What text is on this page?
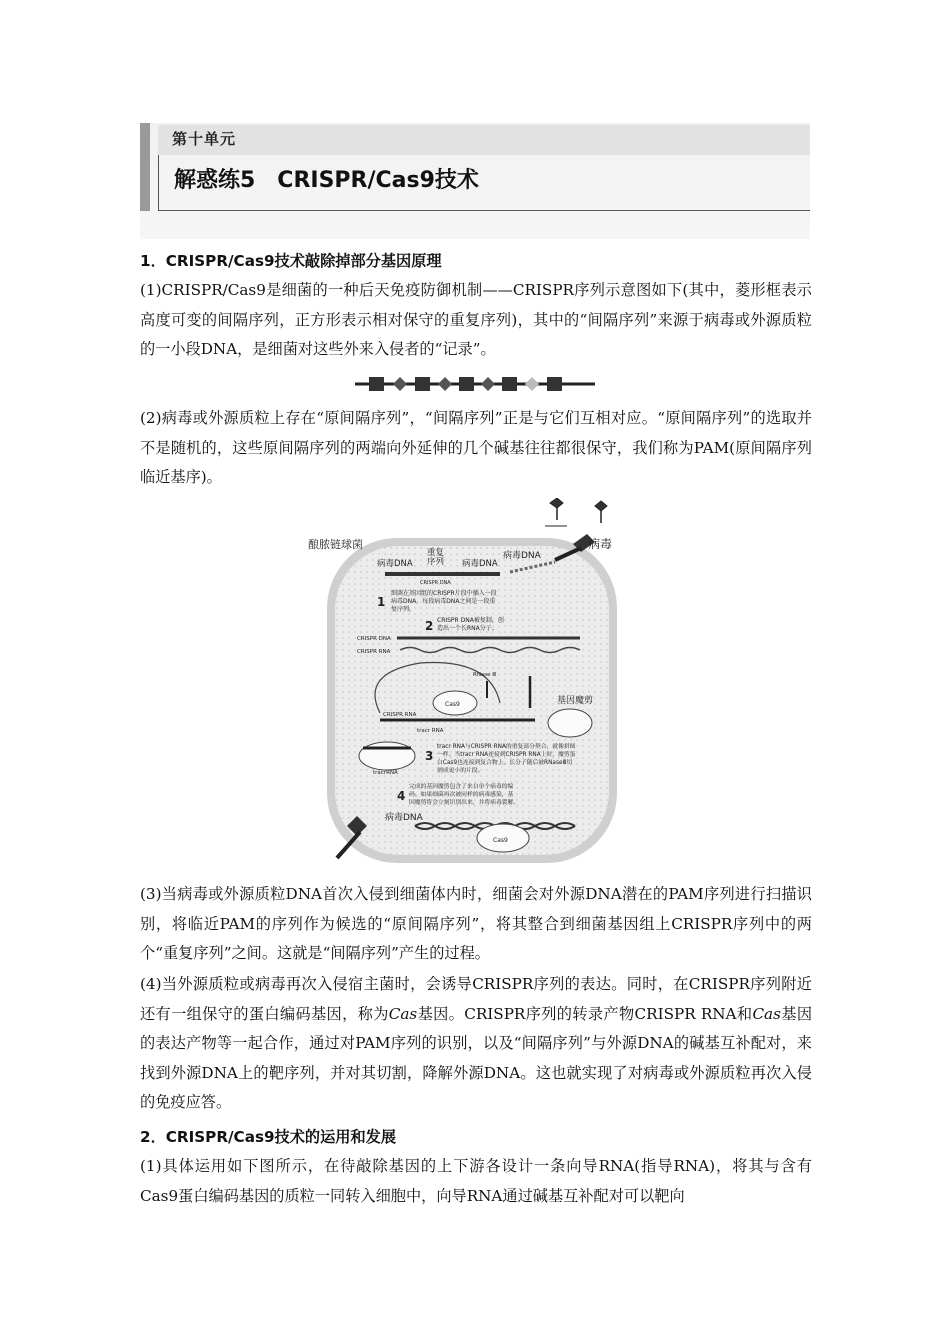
第十单元
解惑练5　CRISPR/Cas9技术

1．CRISPR/Cas9技术敲除掉部分基因原理

(1)CRISPR/Cas9是细菌的一种后天免疫防御机制——CRISPR序列示意图如下(其中，菱形框表示高度可变的间隔序列，正方形表示相对保守的重复序列)，其中的“间隔序列”来源于病毒或外源质粒的一小段DNA，是细菌对这些外来入侵者的“记录”。

(2)病毒或外源质粒上存在“原间隔序列”，“间隔序列”正是与它们互相对应。“原间隔序列”的选取并不是随机的，这些原间隔序列的两端向外延伸的几个碱基往往都很保守，我们称为PAM(原间隔序列临近基序)。

病毒
酿脓链球菌
病毒DNA
重复序列
病毒DNA	病毒DNA
CRISPR DNA
1
细菌在基因组的CRISPR片段中插入一段
病毒DNA。每段病毒DNA之间是一段重
复序列。
2 CRISPR DNA被复制，创
造出一个长RNA分子。
CRISPR DNA
CRISPR RNA
Cas9
RNase Ⅲ
基因魔剪
CRISPR RNA
tracr RNA
tracrRNA
3
tracr RNA与CRISPR RNA的重复部分契合，就像拼图
一样。当tracr RNA连接到CRISPR RNA上时，魔剪蛋
白Cas9也连接到复合物上。长分子随后被RNaseⅢ切
割成更小的片段。
4
完成的基因魔剪包含了来自单个病毒的编
码。如果细菌再次被同样的病毒感染，基
因魔剪将会立刻识别出来，并将病毒裂解。
病毒DNA
Cas9

(3)当病毒或外源质粒DNA首次入侵到细菌体内时，细菌会对外源DNA潜在的PAM序列进行扫描识别，将临近PAM的序列作为候选的“原间隔序列”，将其整合到细菌基因组上CRISPR序列中的两个“重复序列”之间。这就是“间隔序列”产生的过程。

(4)当外源质粒或病毒再次入侵宿主菌时，会诱导CRISPR序列的表达。同时，在CRISPR序列附近还有一组保守的蛋白编码基因，称为Cas基因。CRISPR序列的转录产物CRISPR RNA和Cas基因的表达产物等一起合作，通过对PAM序列的识别，以及“间隔序列”与外源DNA的碱基互补配对，来找到外源DNA上的靶序列，并对其切割，降解外源DNA。这也就实现了对病毒或外源质粒再次入侵的免疫应答。

2．CRISPR/Cas9技术的运用和发展

(1)具体运用如下图所示，在待敲除基因的上下游各设计一条向导RNA(指导RNA)，将其与含有Cas9蛋白编码基因的质粒一同转入细胞中，向导RNA通过碱基互补配对可以靶向
